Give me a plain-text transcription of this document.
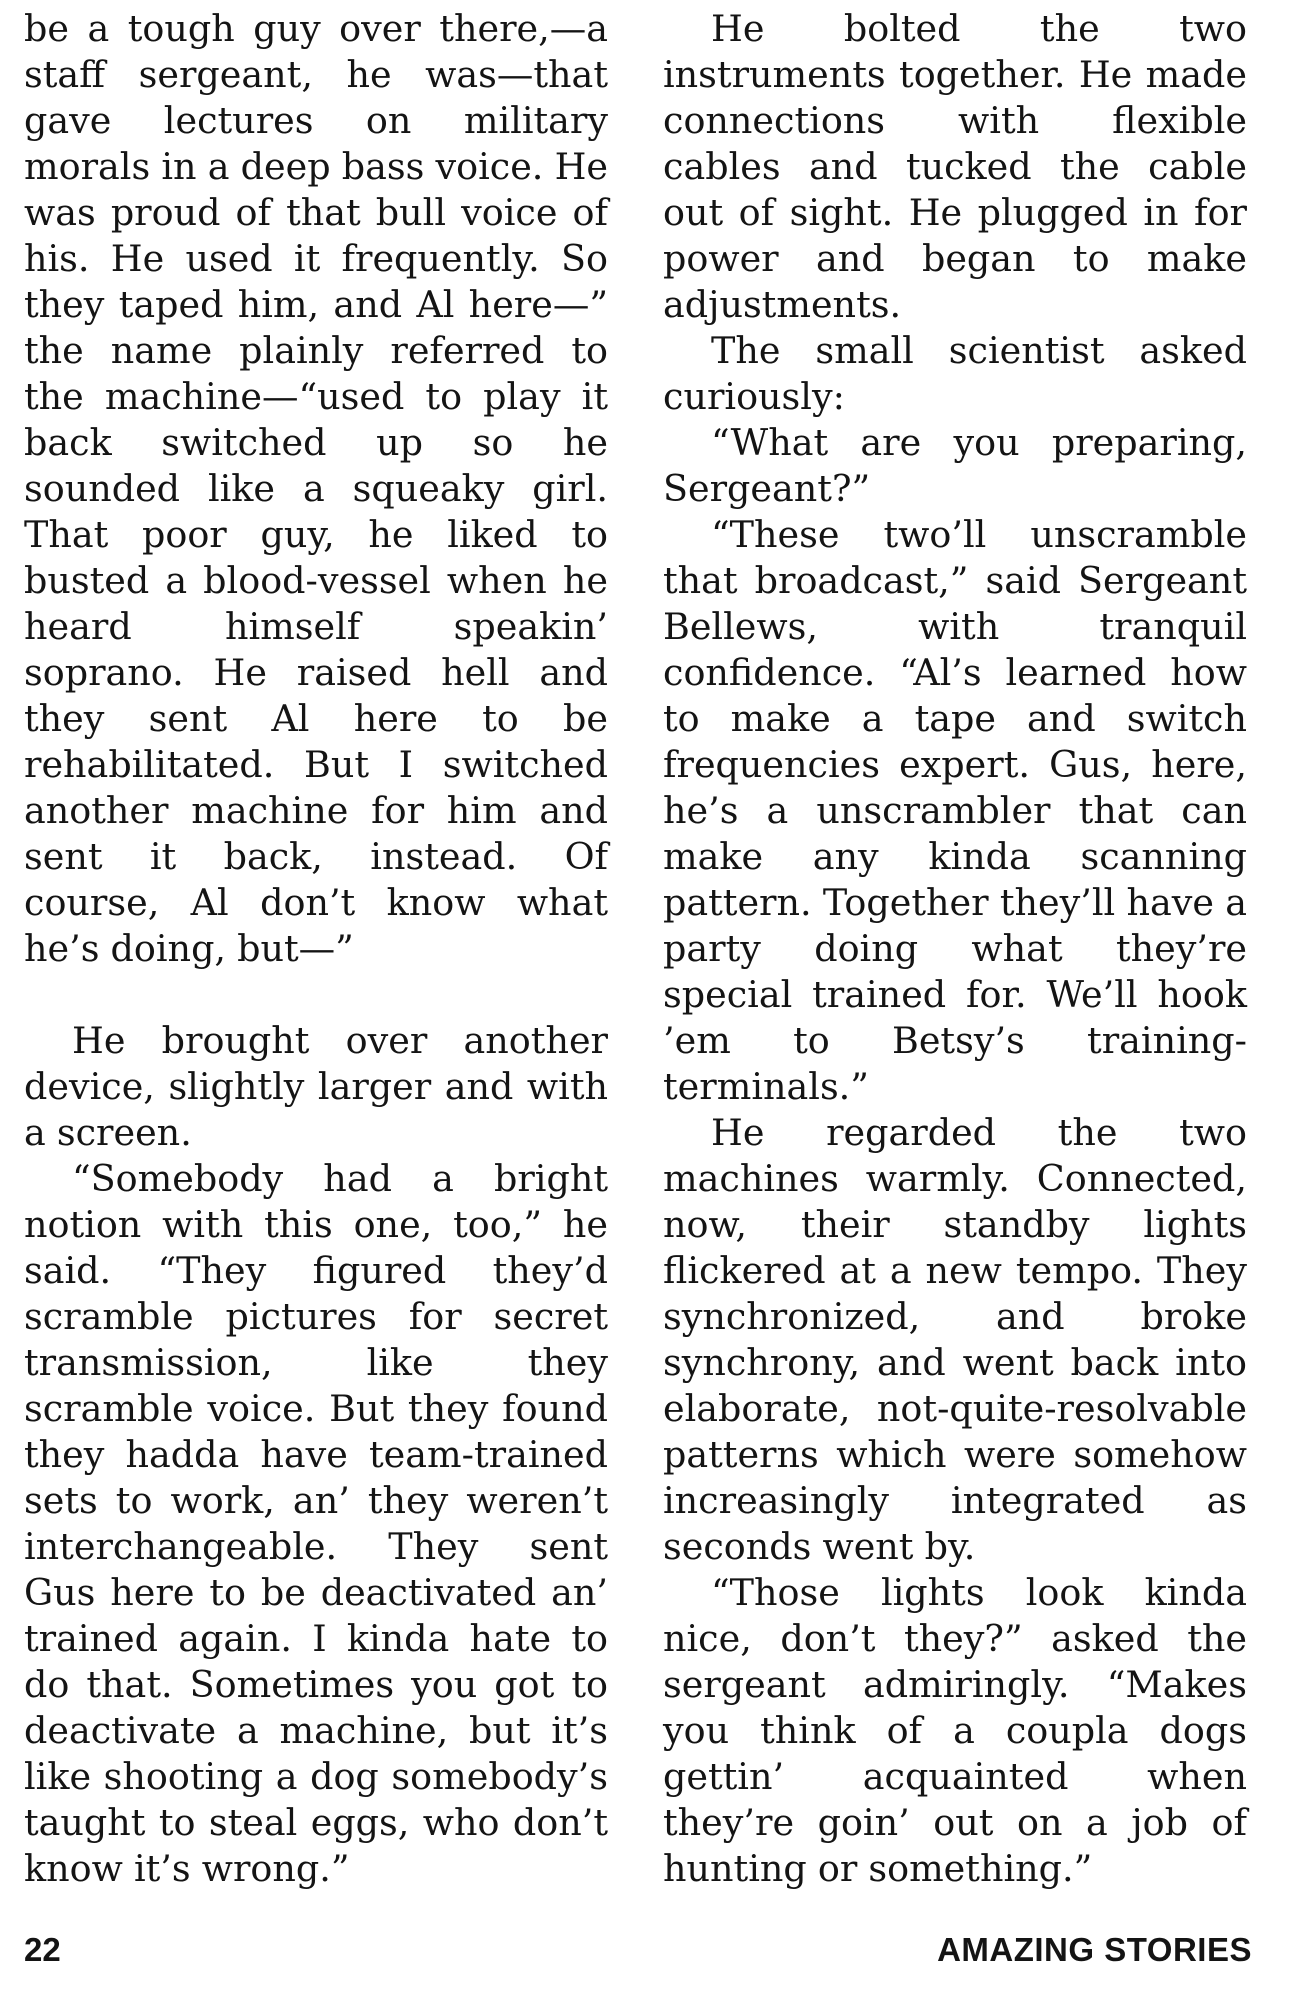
be a tough guy over there,—a staff sergeant, he was—that gave lectures on military morals in a deep bass voice. He was proud of that bull voice of his. He used it frequently. So they taped him, and Al here—” the name plainly referred to the machine—“used to play it back switched up so he sounded like a squeaky girl. That poor guy, he liked to busted a blood-vessel when he heard himself speakin’ soprano. He raised hell and they sent Al here to be rehabilitated. But I switched another machine for him and sent it back, instead. Of course, Al don’t know what he’s doing, but—”

He brought over another device, slightly larger and with a screen.

“Somebody had a bright notion with this one, too,” he said. “They figured they’d scramble pictures for secret transmission, like they scramble voice. But they found they hadda have team-trained sets to work, an’ they weren’t interchangeable. They sent Gus here to be deactivated an’ trained again. I kinda hate to do that. Sometimes you got to deactivate a machine, but it’s like shooting a dog somebody’s taught to steal eggs, who don’t know it’s wrong.”

He bolted the two instruments together. He made connections with flexible cables and tucked the cable out of sight. He plugged in for power and began to make adjustments.

The small scientist asked curiously:

“What are you preparing, Sergeant?”

“These two’ll unscramble that broadcast,” said Sergeant Bellews, with tranquil confidence. “Al’s learned how to make a tape and switch frequencies expert. Gus, here, he’s a unscrambler that can make any kinda scanning pattern. Together they’ll have a party doing what they’re special trained for. We’ll hook ’em to Betsy’s training-terminals.”

He regarded the two machines warmly. Connected, now, their standby lights flickered at a new tempo. They synchronized, and broke synchrony, and went back into elaborate, not-quite-resolvable patterns which were somehow increasingly integrated as seconds went by.

“Those lights look kinda nice, don’t they?” asked the sergeant admiringly. “Makes you think of a coupla dogs gettin’ acquainted when they’re goin’ out on a job of hunting or something.”

22	AMAZING STORIES
